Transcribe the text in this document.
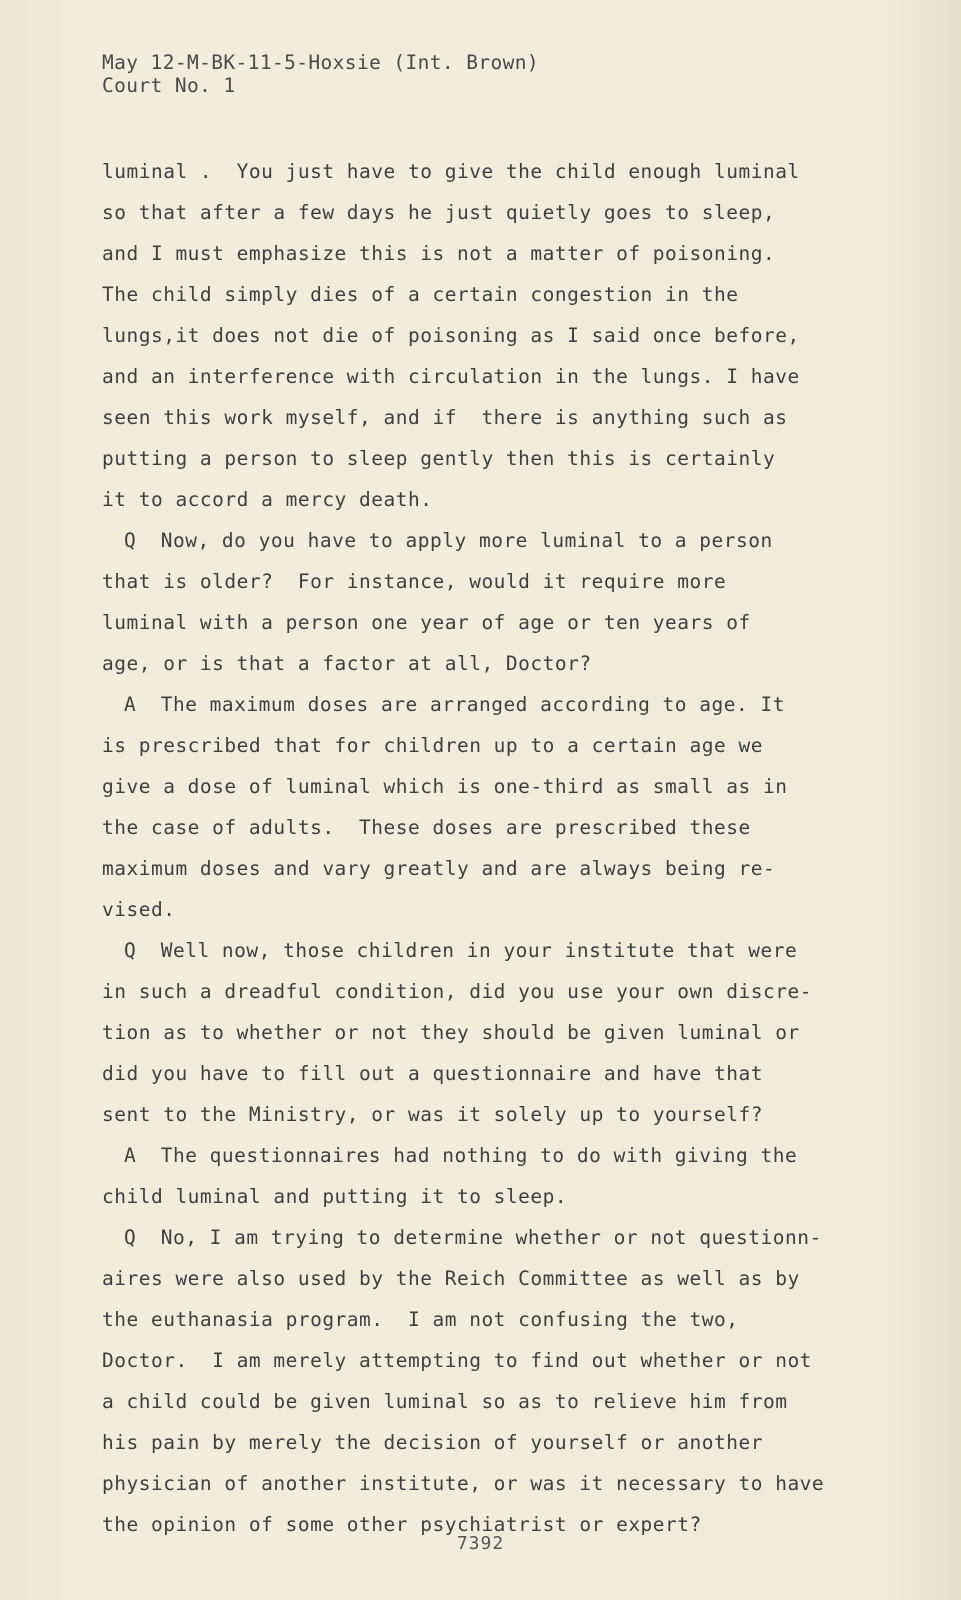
May 12-M-BK-11-5-Hoxsie (Int. Brown)
Court No. 1
luminal .  You just have to give the child enough luminal
so that after a few days he just quietly goes to sleep,
and I must emphasize this is not a matter of poisoning.
The child simply dies of a certain congestion in the
lungs,it does not die of poisoning as I said once before,
and an interference with circulation in the lungs. I have
seen this work myself, and if  there is anything such as
putting a person to sleep gently then this is certainly
it to accord a mercy death.
Q  Now, do you have to apply more luminal to a person
that is older?  For instance, would it require more
luminal with a person one year of age or ten years of
age, or is that a factor at all, Doctor?
A  The maximum doses are arranged according to age. It
is prescribed that for children up to a certain age we
give a dose of luminal which is one-third as small as in
the case of adults.  These doses are prescribed these
maximum doses and vary greatly and are always being re-
vised.
Q  Well now, those children in your institute that were
in such a dreadful condition, did you use your own discre-
tion as to whether or not they should be given luminal or
did you have to fill out a questionnaire and have that
sent to the Ministry, or was it solely up to yourself?
A  The questionnaires had nothing to do with giving the
child luminal and putting it to sleep.
Q  No, I am trying to determine whether or not questionn-
aires were also used by the Reich Committee as well as by
the euthanasia program.  I am not confusing the two,
Doctor.  I am merely attempting to find out whether or not
a child could be given luminal so as to relieve him from
his pain by merely the decision of yourself or another
physician of another institute, or was it necessary to have
the opinion of some other psychiatrist or expert?
7392
